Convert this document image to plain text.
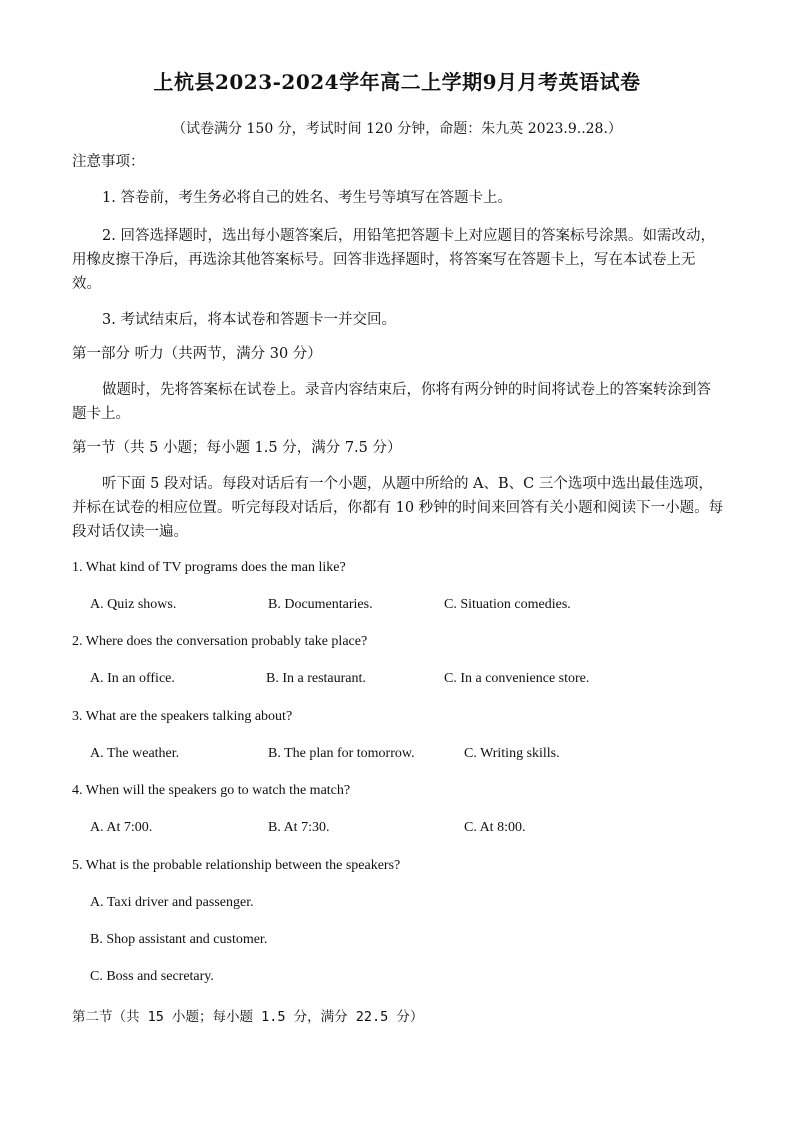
上杭县2023-2024学年高二上学期9月月考英语试卷
（试卷满分 150 分，考试时间 120 分钟，命题：朱九英 2023.9..28.）

注意事项：

1. 答卷前，考生务必将自己的姓名、考生号等填写在答题卡上。

2. 回答选择题时，选出每小题答案后，用铅笔把答题卡上对应题目的答案标号涂黑。如需改动，用橡皮擦干净后，再选涂其他答案标号。回答非选择题时，将答案写在答题卡上，写在本试卷上无效。

3. 考试结束后，将本试卷和答题卡一并交回。

第一部分 听力（共两节，满分 30 分）

做题时，先将答案标在试卷上。录音内容结束后，你将有两分钟的时间将试卷上的答案转涂到答题卡上。

第一节（共 5 小题；每小题 1.5 分，满分 7.5 分）

听下面 5 段对话。每段对话后有一个小题，从题中所给的 A、B、C 三个选项中选出最佳选项，并标在试卷的相应位置。听完每段对话后，你都有 10 秒钟的时间来回答有关小题和阅读下一小题。每段对话仅读一遍。

1. What kind of TV programs does the man like?
A. Quiz shows.	B. Documentaries.	C. Situation comedies.
2. Where does the conversation probably take place?
A. In an office.	B. In a restaurant.	C. In a convenience store.
3. What are the speakers talking about?
A. The weather.	B. The plan for tomorrow.	C. Writing skills.
4. When will the speakers go to watch the match?
A. At 7:00.	B. At 7:30.	C. At 8:00.
5. What is the probable relationship between the speakers?
A. Taxi driver and passenger.
B. Shop assistant and customer.
C. Boss and secretary.
第二节（共 15 小题；每小题 1.5 分，满分 22.5 分）
